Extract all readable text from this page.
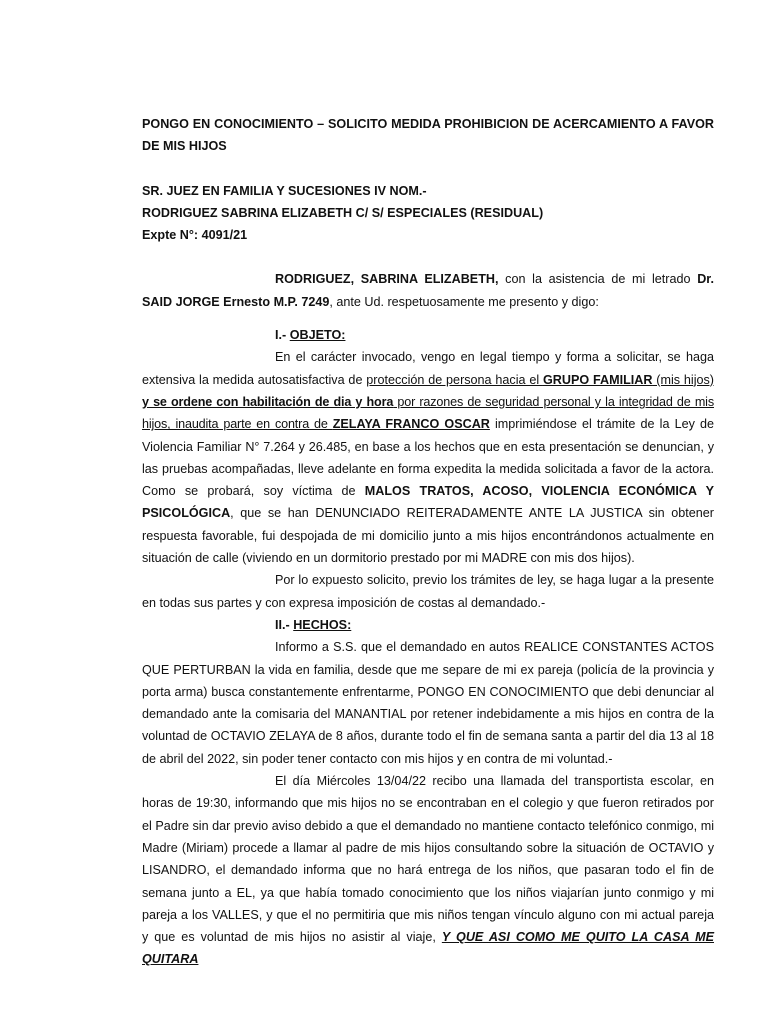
PONGO EN CONOCIMIENTO – SOLICITO MEDIDA PROHIBICION DE ACERCAMIENTO A FAVOR DE MIS HIJOS

SR. JUEZ EN FAMILIA Y SUCESIONES IV NOM.-
RODRIGUEZ SABRINA ELIZABETH C/ S/ ESPECIALES (RESIDUAL)
Expte N°: 4091/21

RODRIGUEZ, SABRINA ELIZABETH, con la asistencia de mi letrado Dr. SAID JORGE Ernesto M.P. 7249, ante Ud. respetuosamente me presento y digo:

I.- OBJETO:

En el carácter invocado, vengo en legal tiempo y forma a solicitar, se haga extensiva la medida autosatisfactiva de protección de persona hacia el GRUPO FAMILIAR (mis hijos) y se ordene con habilitación de dia y hora por razones de seguridad personal y la integridad de mis hijos, inaudita parte en contra de ZELAYA FRANCO OSCAR imprimiéndose el trámite de la Ley de Violencia Familiar N° 7.264 y 26.485, en base a los hechos que en esta presentación se denuncian, y las pruebas acompañadas, lleve adelante en forma expedita la medida solicitada a favor de la actora. Como se probará, soy víctima de MALOS TRATOS, ACOSO, VIOLENCIA ECONÓMICA Y PSICOLÓGICA, que se han DENUNCIADO REITERADAMENTE ANTE LA JUSTICA sin obtener respuesta favorable, fui despojada de mi domicilio junto a mis hijos encontrándonos actualmente en situación de calle (viviendo en un dormitorio prestado por mi MADRE con mis dos hijos).

Por lo expuesto solicito, previo los trámites de ley, se haga lugar a la presente en todas sus partes y con expresa imposición de costas al demandado.-

II.- HECHOS:

Informo a S.S. que el demandado en autos REALICE CONSTANTES ACTOS QUE PERTURBAN la vida en familia, desde que me separe de mi ex pareja (policía de la provincia y porta arma) busca constantemente enfrentarme, PONGO EN CONOCIMIENTO que debi denunciar al demandado ante la comisaria del MANANTIAL por retener indebidamente a mis hijos en contra de la voluntad de OCTAVIO ZELAYA de 8 años, durante todo el fin de semana santa a partir del dia 13 al 18 de abril del 2022, sin poder tener contacto con mis hijos y en contra de mi voluntad.-

El día Miércoles 13/04/22 recibo una llamada del transportista escolar, en horas de 19:30, informando que mis hijos no se encontraban en el colegio y que fueron retirados por el Padre sin dar previo aviso debido a que el demandado no mantiene contacto telefónico conmigo, mi Madre (Miriam) procede a llamar al padre de mis hijos consultando sobre la situación de OCTAVIO y LISANDRO, el demandado informa que no hará entrega de los niños, que pasaran todo el fin de semana junto a EL, ya que había tomado conocimiento que los niños viajarían junto conmigo y mi pareja a los VALLES, y que el no permitiria que mis niños tengan vínculo alguno con mi actual pareja y que es voluntad de mis hijos no asistir al viaje, Y QUE ASI COMO ME QUITO LA CASA ME QUITARA
